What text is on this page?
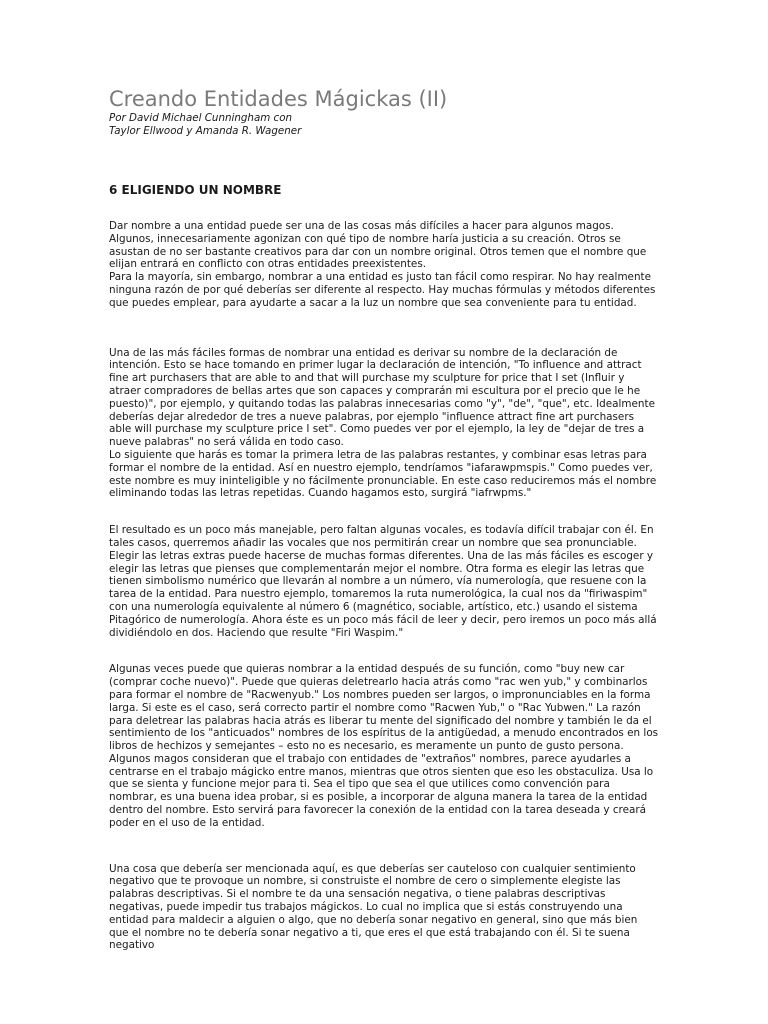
Creando Entidades Mágickas (II)
Por David Michael Cunningham con
Taylor Ellwood y Amanda R. Wagener
6 ELIGIENDO UN NOMBRE

Dar nombre a una entidad puede ser una de las cosas más difíciles a hacer para algunos magos. Algunos, innecesariamente agonizan con qué tipo de nombre haría justicia a su creación. Otros se asustan de no ser bastante creativos para dar con un nombre original. Otros temen que el nombre que elijan entrará en conflicto con otras entidades preexistentes.

Para la mayoría, sin embargo, nombrar a una entidad es justo tan fácil como respirar. No hay realmente ninguna razón de por qué deberías ser diferente al respecto. Hay muchas fórmulas y métodos diferentes que puedes emplear, para ayudarte a sacar a la luz un nombre que sea conveniente para tu entidad.

Una de las más fáciles formas de nombrar una entidad es derivar su nombre de la declaración de intención. Esto se hace tomando en primer lugar la declaración de intención, "To influence and attract fine art purchasers that are able to and that will purchase my sculpture for price that I set (Influir y atraer compradores de bellas artes que son capaces y comprarán mi escultura por el precio que le he puesto)", por ejemplo, y quitando todas las palabras innecesarias como "y", "de", "que", etc. Idealmente deberías dejar alrededor de tres a nueve palabras, por ejemplo "influence attract fine art purchasers able will purchase my sculpture price I set". Como puedes ver por el ejemplo, la ley de "dejar de tres a nueve palabras" no será válida en todo caso.

Lo siguiente que harás es tomar la primera letra de las palabras restantes, y combinar esas letras para formar el nombre de la entidad. Así en nuestro ejemplo, tendríamos "iafarawpmspis." Como puedes ver, este nombre es muy ininteligible y no fácilmente pronunciable. En este caso reduciremos más el nombre eliminando todas las letras repetidas. Cuando hagamos esto, surgirá "iafrwpms."

El resultado es un poco más manejable, pero faltan algunas vocales, es todavía difícil trabajar con él. En tales casos, querremos añadir las vocales que nos permitirán crear un nombre que sea pronunciable. Elegir las letras extras puede hacerse de muchas formas diferentes. Una de las más fáciles es escoger y elegir las letras que pienses que complementarán mejor el nombre. Otra forma es elegir las letras que tienen simbolismo numérico que llevarán al nombre a un número, vía numerología, que resuene con la tarea de la entidad. Para nuestro ejemplo, tomaremos la ruta numerológica, la cual nos da "firiwaspim" con una numerología equivalente al número 6 (magnético, sociable, artístico, etc.) usando el sistema Pitagórico de numerología. Ahora éste es un poco más fácil de leer y decir, pero iremos un poco más allá dividiéndolo en dos. Haciendo que resulte "Firi Waspim."

Algunas veces puede que quieras nombrar a la entidad después de su función, como "buy new car (comprar coche nuevo)". Puede que quieras deletrearlo hacia atrás como "rac wen yub," y combinarlos para formar el nombre de "Racwenyub." Los nombres pueden ser largos, o impronunciables en la forma larga. Si este es el caso, será correcto partir el nombre como "Racwen Yub," o "Rac Yubwen." La razón para deletrear las palabras hacia atrás es liberar tu mente del significado del nombre y también le da el sentimiento de los "anticuados" nombres de los espíritus de la antigüedad, a menudo encontrados en los libros de hechizos y semejantes – esto no es necesario, es meramente un punto de gusto persona.

Algunos magos consideran que el trabajo con entidades de "extraños" nombres, parece ayudarles a centrarse en el trabajo mágicko entre manos, mientras que otros sienten que eso les obstaculiza. Usa lo que se sienta y funcione mejor para ti. Sea el tipo que sea el que utilices como convención para nombrar, es una buena idea probar, si es posible, a incorporar de alguna manera la tarea de la entidad dentro del nombre. Esto servirá para favorecer la conexión de la entidad con la tarea deseada y creará poder en el uso de la entidad.

Una cosa que debería ser mencionada aquí, es que deberías ser cauteloso con cualquier sentimiento negativo que te provoque un nombre, si construiste el nombre de cero o simplemente elegiste las palabras descriptivas. Si el nombre te da una sensación negativa, o tiene palabras descriptivas negativas, puede impedir tus trabajos mágickos. Lo cual no implica que si estás construyendo una entidad para maldecir a alguien o algo, que no debería sonar negativo en general, sino que más bien que el nombre no te debería sonar negativo a ti, que eres el que está trabajando con él. Si te suena negativo
